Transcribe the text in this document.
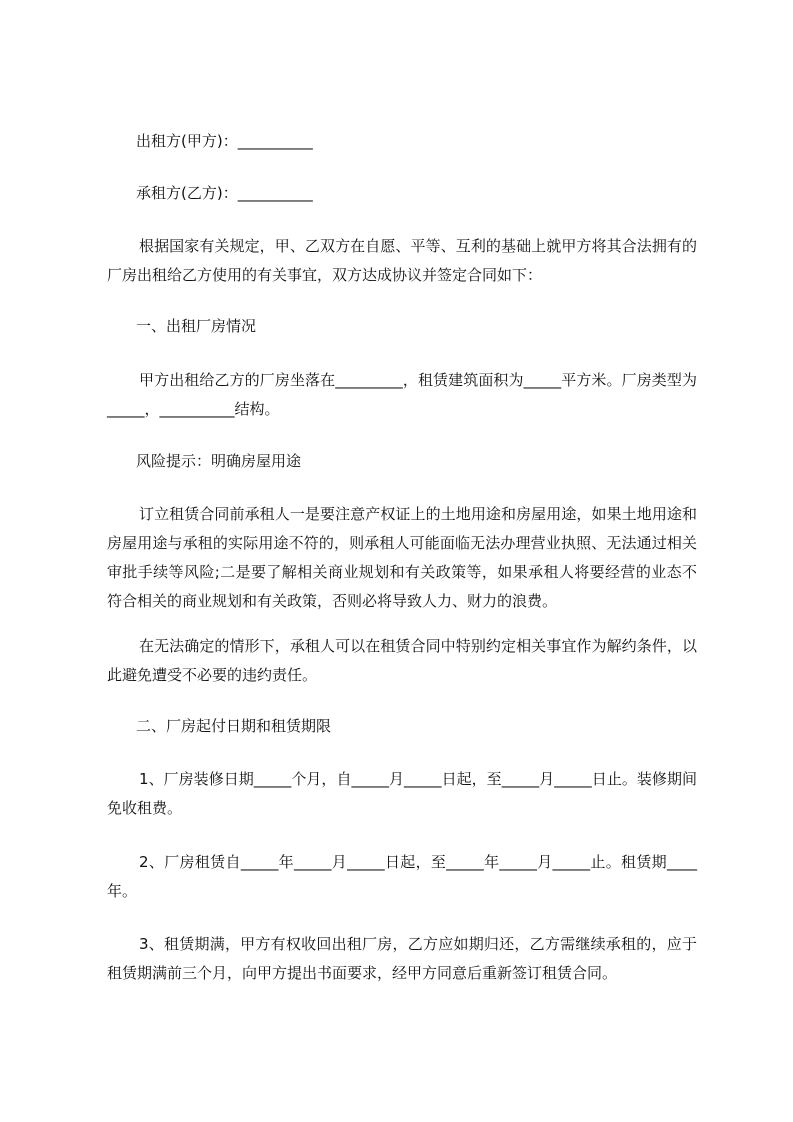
出租方(甲方)：__________

承租方(乙方)：__________

根据国家有关规定，甲、乙双方在自愿、平等、互利的基础上就甲方将其合法拥有的厂房出租给乙方使用的有关事宜，双方达成协议并签定合同如下：

一、出租厂房情况

甲方出租给乙方的厂房坐落在_________，租赁建筑面积为_____平方米。厂房类型为_____，__________结构。

风险提示：明确房屋用途

订立租赁合同前承租人一是要注意产权证上的土地用途和房屋用途，如果土地用途和房屋用途与承租的实际用途不符的，则承租人可能面临无法办理营业执照、无法通过相关审批手续等风险;二是要了解相关商业规划和有关政策等，如果承租人将要经营的业态不符合相关的商业规划和有关政策，否则必将导致人力、财力的浪费。

在无法确定的情形下，承租人可以在租赁合同中特别约定相关事宜作为解约条件，以此避免遭受不必要的违约责任。

二、厂房起付日期和租赁期限

1、厂房装修日期_____个月，自_____月_____日起，至_____月_____日止。装修期间免收租费。

2、厂房租赁自_____年_____月_____日起，至_____年_____月_____止。租赁期____年。

3、租赁期满，甲方有权收回出租厂房，乙方应如期归还，乙方需继续承租的，应于租赁期满前三个月，向甲方提出书面要求，经甲方同意后重新签订租赁合同。
